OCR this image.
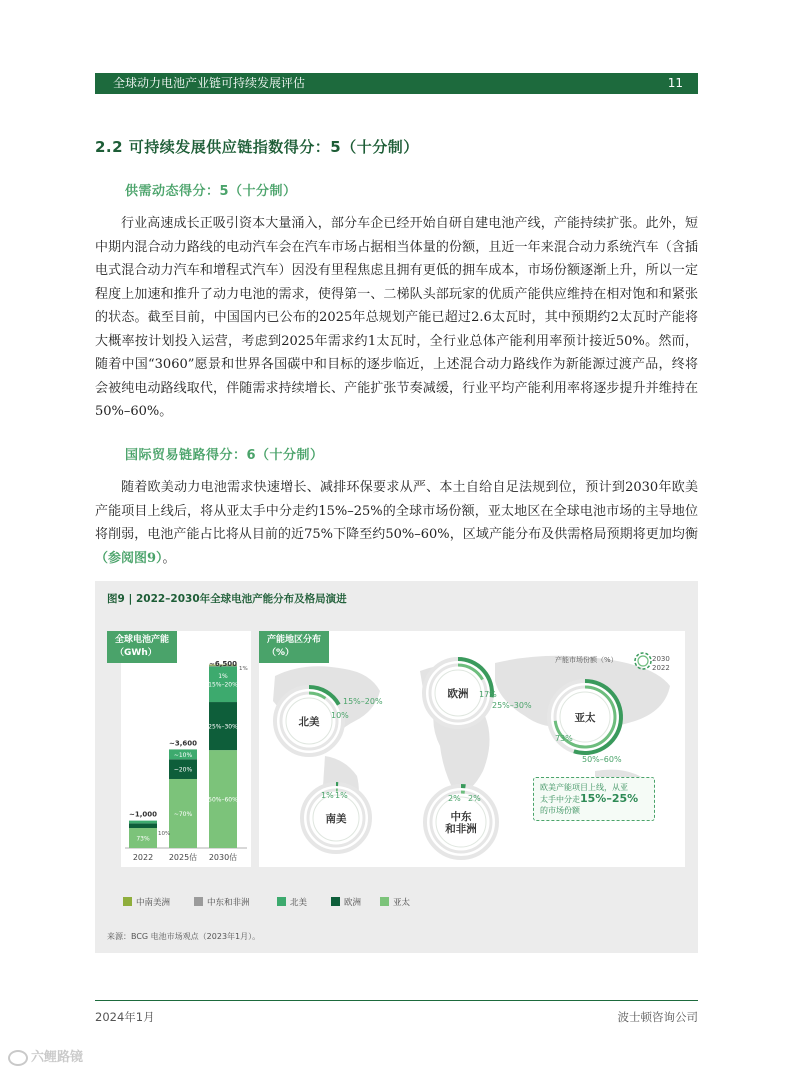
全球动力电池产业链可持续发展评估	11
2.2 可持续发展供应链指数得分：5（十分制）
供需动态得分：5（十分制）

行业高速成长正吸引资本大量涌入，部分车企已经开始自研自建电池产线，产能持续扩张。此外，短中期内混合动力路线的电动汽车会在汽车市场占据相当体量的份额，且近一年来混合动力系统汽车（含插电式混合动力汽车和增程式汽车）因没有里程焦虑且拥有更低的拥车成本，市场份额逐渐上升，所以一定程度上加速和推升了动力电池的需求，使得第一、二梯队头部玩家的优质产能供应维持在相对饱和和紧张的状态。截至目前，中国国内已公布的2025年总规划产能已超过2.6太瓦时，其中预期约2太瓦时产能将大概率按计划投入运营，考虑到2025年需求约1太瓦时，全行业总体产能利用率预计接近50%。然而，随着中国“3060”愿景和世界各国碳中和目标的逐步临近，上述混合动力路线作为新能源过渡产品，终将会被纯电动路线取代，伴随需求持续增长、产能扩张节奏减缓，行业平均产能利用率将逐步提升并维持在50%–60%。

国际贸易链路得分：6（十分制）

随着欧美动力电池需求快速增长、减排环保要求从严、本土自给自足法规到位，预计到2030年欧美产能项目上线后，将从亚太手中分走约15%–25%的全球市场份额，亚太地区在全球电池市场的主导地位将削弱，电池产能占比将从目前的近75%下降至约50%–60%，区域产能分布及供需格局预期将更加均衡（参阅图9）。

图9 | 2022–2030年全球电池产能分布及格局演进
73%
~1,000
2022
~70%
~20%
~10%
~3,600
2025估
50%–60%
25%–30%
15%–20%
~6,500
2030估
10%
1%
1%
全球电池产能
（GWh）
产能地区分布
（%）
北美
15%–20%
10%
欧洲 17%
25%–30%
亚太
73%
50%–60%
南美
1% 1%
中东
和非洲
2% 2%
产能市场份额（%）	2030
2022
欧美产能项目上线，从亚
太手中分走15%–25%
的市场份额
中南美洲	中东和非洲	北美	欧洲	亚太
来源：BCG 电池市场观点（2023年1月）。
2024年1月	波士顿咨询公司
六鲤路镜
